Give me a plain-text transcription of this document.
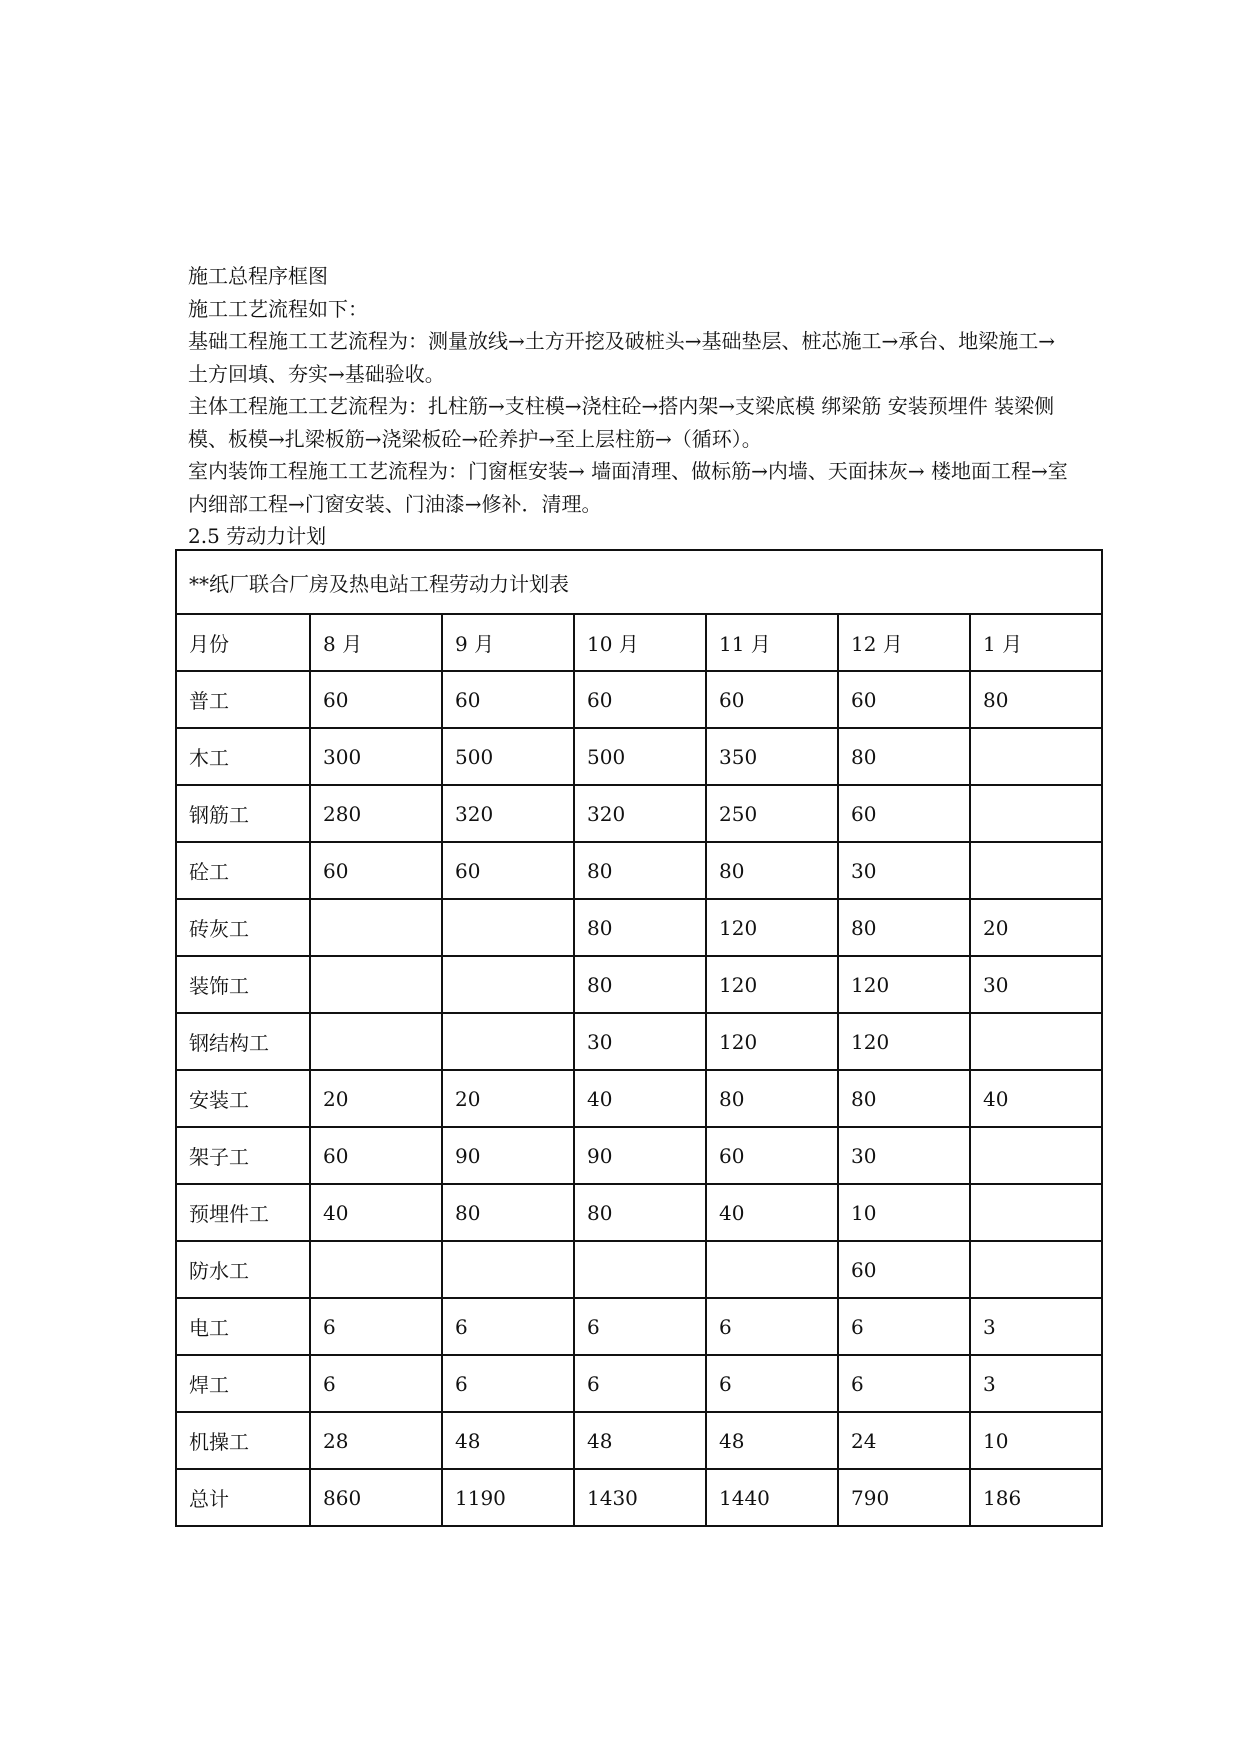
施工总程序框图

施工工艺流程如下：

基础工程施工工艺流程为：测量放线→土方开挖及破桩头→基础垫层、桩芯施工→承台、地梁施工→土方回填、夯实→基础验收。

主体工程施工工艺流程为：扎柱筋→支柱模→浇柱砼→搭内架→支梁底模 绑梁筋 安装预埋件 装梁侧模、板模→扎梁板筋→浇梁板砼→砼养护→至上层柱筋→（循环）。

室内装饰工程施工工艺流程为：门窗框安装→ 墙面清理、做标筋→内墙、天面抹灰→ 楼地面工程→室内细部工程→门窗安装、门油漆→修补．清理。

2.5 劳动力计划

**纸厂联合厂房及热电站工程劳动力计划表						
月份	8 月	9 月	10 月	11 月	12 月	1 月
普工	60	60	60	60	60	80
木工	300	500	500	350	80	
钢筋工	280	320	320	250	60	
砼工	60	60	80	80	30	
砖灰工			80	120	80	20
装饰工			80	120	120	30
钢结构工			30	120	120	
安装工	20	20	40	80	80	40
架子工	60	90	90	60	30	
预埋件工	40	80	80	40	10	
防水工					60	
电工	6	6	6	6	6	3
焊工	6	6	6	6	6	3
机操工	28	48	48	48	24	10
总计	860	1190	1430	1440	790	186
